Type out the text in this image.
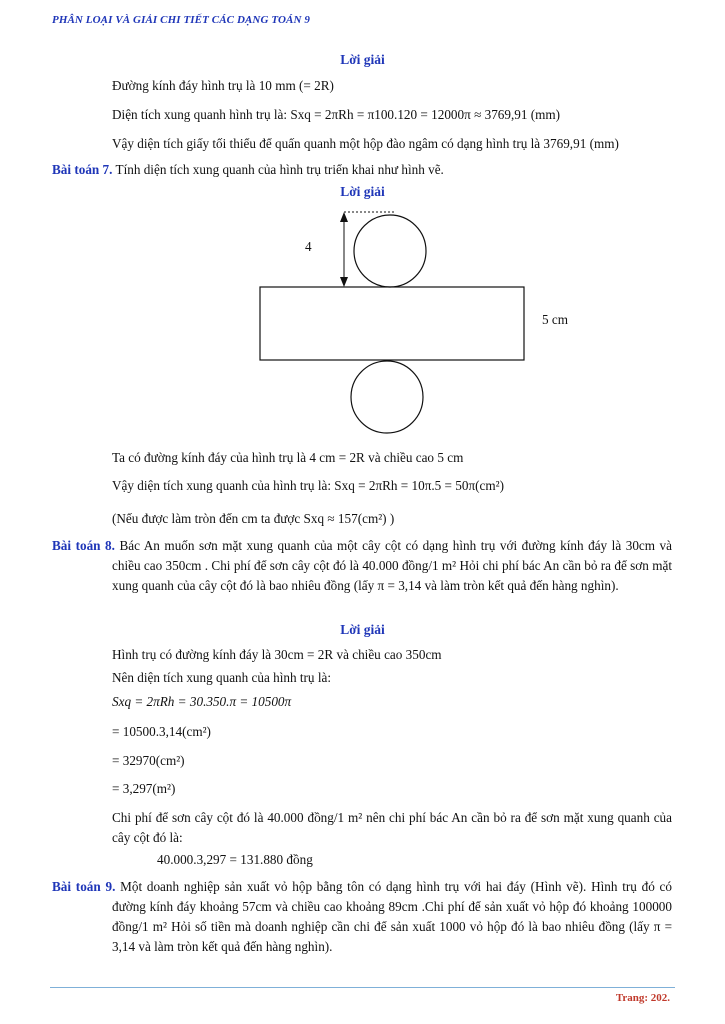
PHÂN LOẠI VÀ GIẢI CHI TIẾT CÁC DẠNG TOÁN 9
Lời giải
Đường kính đáy hình trụ là 10 mm (= 2R)
Diện tích xung quanh hình trụ là: Sxq = 2πRh = π100.120 = 12000π ≈ 3769,91 (mm)
Vậy diện tích giấy tối thiểu để quấn quanh một hộp đào ngâm có dạng hình trụ là 3769,91 (mm)
Bài toán 7. Tính diện tích xung quanh của hình trụ triển khai như hình vẽ.
Lời giải
4
5 cm
Ta có đường kính đáy của hình trụ là 4 cm = 2R và chiều cao 5 cm
Vậy diện tích xung quanh của hình trụ là: Sxq = 2πRh = 10π.5 = 50π(cm²)
(Nếu được làm tròn đến cm ta được Sxq ≈ 157(cm²) )
Bài toán 8. Bác An muốn sơn mặt xung quanh của một cây cột có dạng hình trụ với đường kính đáy là 30cm và chiều cao 350cm . Chi phí để sơn cây cột đó là 40.000 đồng/1 m² Hỏi chi phí bác An cần bỏ ra để sơn mặt xung quanh của cây cột đó là bao nhiêu đồng (lấy π = 3,14 và làm tròn kết quả đến hàng nghìn).
Lời giải
Hình trụ có đường kính đáy là 30cm = 2R và chiều cao 350cm
Nên diện tích xung quanh của hình trụ là:
Sxq = 2πRh = 30.350.π = 10500π
= 10500.3,14(cm²)
= 32970(cm²)
= 3,297(m²)
Chi phí để sơn cây cột đó là 40.000 đồng/1 m² nên chi phí bác An cần bỏ ra để sơn mặt xung quanh của cây cột đó là:
40.000.3,297 = 131.880 đồng
Bài toán 9. Một doanh nghiệp sản xuất vỏ hộp bằng tôn có dạng hình trụ với hai đáy (Hình vẽ). Hình trụ đó có đường kính đáy khoảng 57cm và chiều cao khoảng 89cm .Chi phí để sản xuất vỏ hộp đó khoảng 100000 đồng/1 m² Hỏi số tiền mà doanh nghiệp cần chi để sản xuất 1000 vỏ hộp đó là bao nhiêu đồng (lấy π = 3,14 và làm tròn kết quả đến hàng nghìn).
Trang: 202.
